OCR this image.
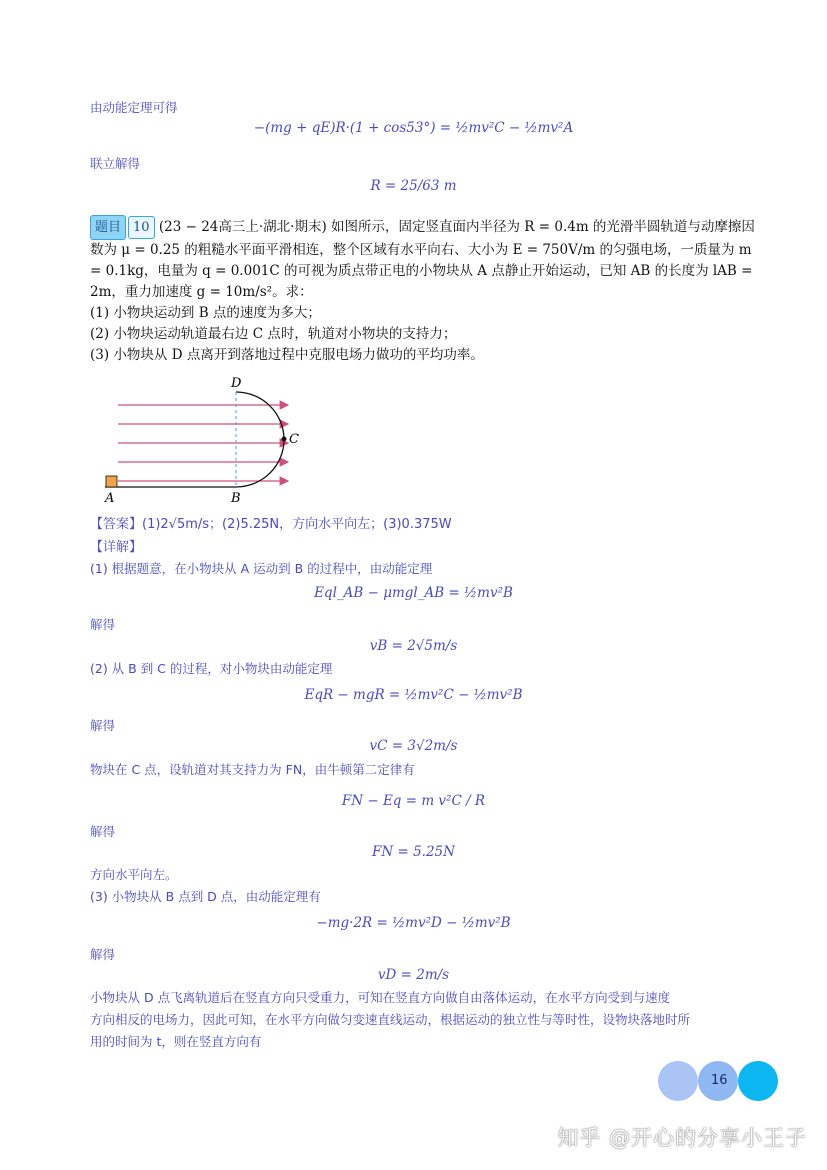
由动能定理可得
−(mg + qE)R·(1 + cos53°) = ½mv²C − ½mv²A
联立解得
R = 25/63 m
题目 10 (23 − 24高三上·湖北·期末) 如图所示，固定竖直面内半径为 R = 0.4m 的光滑半圆轨道与动摩擦因
数为 μ = 0.25 的粗糙水平面平滑相连，整个区域有水平向右、大小为 E = 750V/m 的匀强电场，一质量为 m
= 0.1kg，电量为 q = 0.001C 的可视为质点带正电的小物块从 A 点静止开始运动，已知 AB 的长度为 lAB =
2m，重力加速度 g = 10m/s²。求：
(1) 小物块运动到 B 点的速度为多大；
(2) 小物块运动轨道最右边 C 点时，轨道对小物块的支持力；
(3) 小物块从 D 点离开到落地过程中克服电场力做功的平均功率。
A	B
C
D
【答案】(1)2√5m/s；(2)5.25N，方向水平向左；(3)0.375W
【详解】
(1) 根据题意，在小物块从 A 运动到 B 的过程中，由动能定理
Eql_AB − μmgl_AB = ½mv²B
解得
vB = 2√5m/s
(2) 从 B 到 C 的过程，对小物块由动能定理
EqR − mgR = ½mv²C − ½mv²B
解得
vC = 3√2m/s
物块在 C 点，设轨道对其支持力为 FN，由牛顿第二定律有
FN − Eq = m v²C / R
解得
FN = 5.25N
方向水平向左。
(3) 小物块从 B 点到 D 点，由动能定理有
−mg·2R = ½mv²D − ½mv²B
解得
vD = 2m/s
小物块从 D 点飞离轨道后在竖直方向只受重力，可知在竖直方向做自由落体运动，在水平方向受到与速度
方向相反的电场力，因此可知，在水平方向做匀变速直线运动，根据运动的独立性与等时性，设物块落地时所
用的时间为 t，则在竖直方向有
16
知乎 @开心的分享小王子
